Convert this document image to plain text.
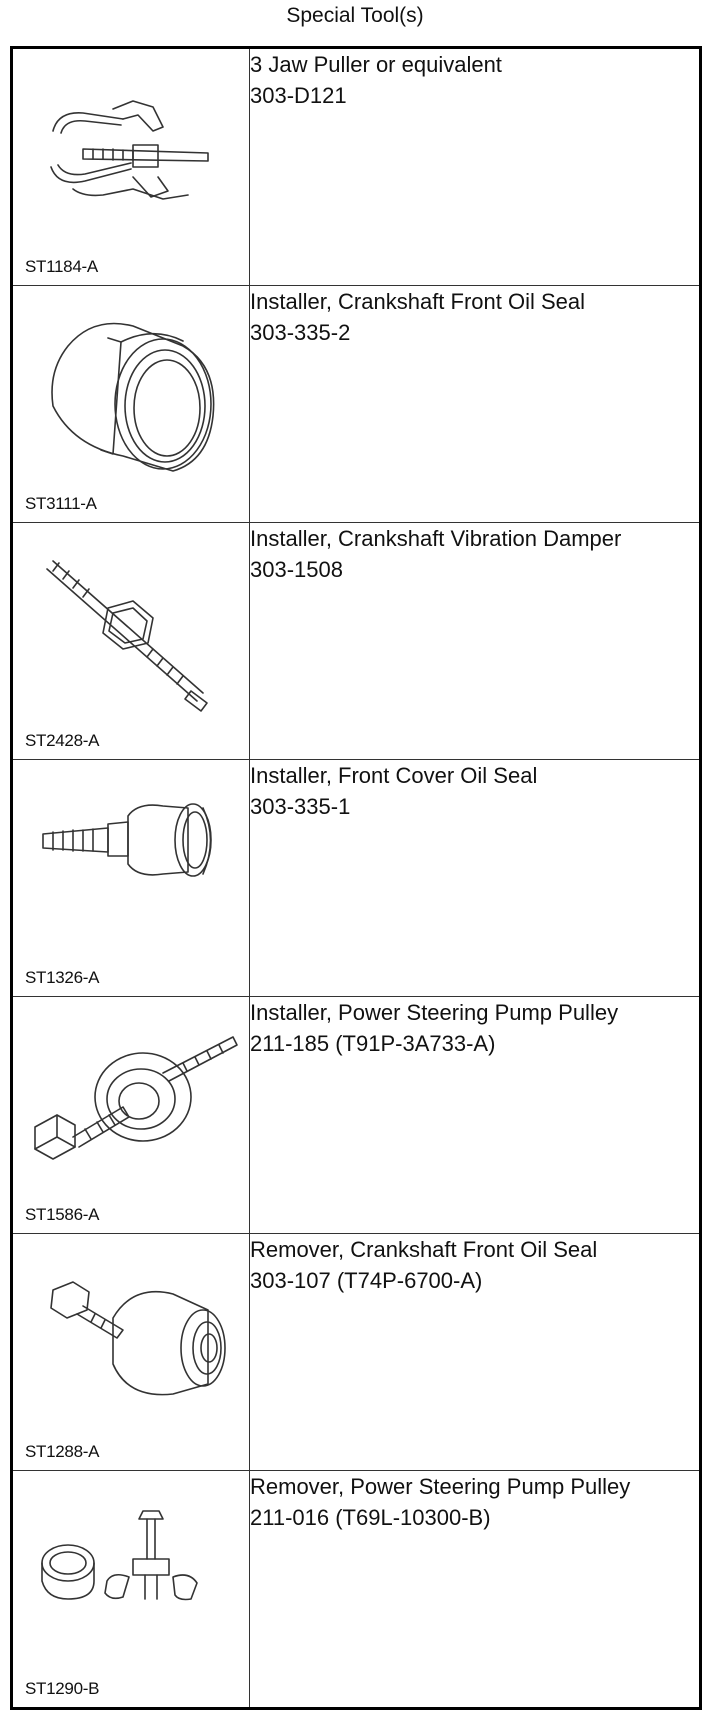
Special Tool(s)
ST1184-A	3 Jaw Puller or equivalent
303-D121

ST3111-A	Installer, Crankshaft Front Oil Seal
303-335-2

ST2428-A	Installer, Crankshaft Vibration Damper
303-1508

ST1326-A	Installer, Front Cover Oil Seal
303-335-1

ST1586-A	Installer, Power Steering Pump Pulley
211-185 (T91P-3A733-A)

ST1288-A	Remover, Crankshaft Front Oil Seal
303-107 (T74P-6700-A)

ST1290-B	Remover, Power Steering Pump Pulley
211-016 (T69L-10300-B)
